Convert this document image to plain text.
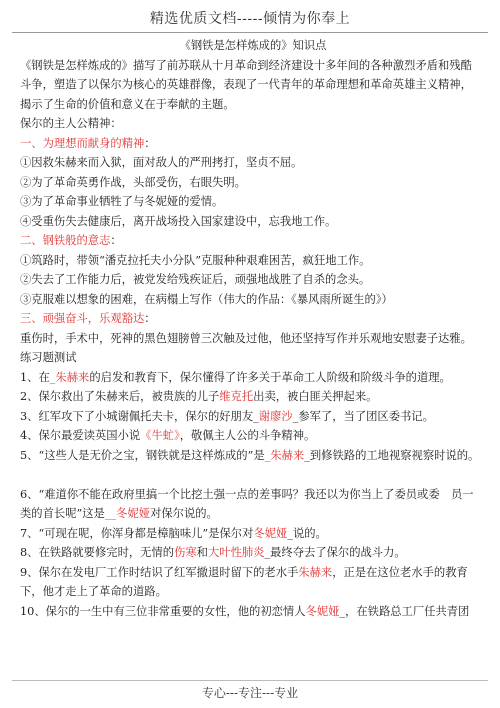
精选优质文档-----倾情为你奉上
《钢铁是怎样炼成的》知识点
《钢铁是怎样炼成的》描写了前苏联从十月革命到经济建设十多年间的各种激烈矛盾和残酷
斗争，塑造了以保尔为核心的英雄群像，表现了一代青年的革命理想和革命英雄主义精神，
揭示了生命的价值和意义在于奉献的主题。
保尔的主人公精神：
一、为理想而献身的精神：
①因救朱赫来而入狱，面对敌人的严刑拷打，坚贞不屈。
②为了革命英勇作战，头部受伤，右眼失明。
③为了革命事业牺牲了与冬妮娅的爱情。
④受重伤失去健康后，离开战场投入国家建设中，忘我地工作。
二、钢铁般的意志：
①筑路时，带领“潘克拉托夫小分队”克服种种艰难困苦，疯狂地工作。
②失去了工作能力后，被党发给残疾证后，顽强地战胜了自杀的念头。
③克服难以想象的困难，在病榻上写作（伟大的作品：《暴风雨所诞生的》）
三、顽强奋斗，乐观豁达：
重伤时，手术中，死神的黑色翅膀曾三次触及过他，他还坚持写作并乐观地安慰妻子达雅。
练习题测试
1、在_朱赫来的启发和教育下，保尔懂得了许多关于革命工人阶级和阶级斗争的道理。
2、保尔救出了朱赫来后，被贵族的儿子维克托出卖，被白匪关押起来。
3、红军攻下了小城谢佩托夫卡，保尔的好朋友_谢廖沙_参军了，当了团区委书记。
4、保尔最爱读英国小说《牛虻》，敬佩主人公的斗争精神。
5、“这些人是无价之宝，钢铁就是这样炼成的”是_朱赫来_到修铁路的工地视察视察时说的。
6、“难道你不能在政府里搞一个比挖土强一点的差事吗？我还以为你当上了委员或委　员一
类的首长呢”这是__冬妮娅对保尔说的。
7、“可现在呢，你浑身都是樟脑味儿”是保尔对冬妮娅_说的。
8、在铁路就要修完时，无情的伤寒和大叶性肺炎_最终夺去了保尔的战斗力。
9、保尔在发电厂工作时结识了红军撤退时留下的老水手朱赫来，正是在这位老水手的教育
下，他才走上了革命的道路。
10、保尔的一生中有三位非常重要的女性，他的初恋情人冬妮娅_，在铁路总工厂任共青团
专心---专注---专业
